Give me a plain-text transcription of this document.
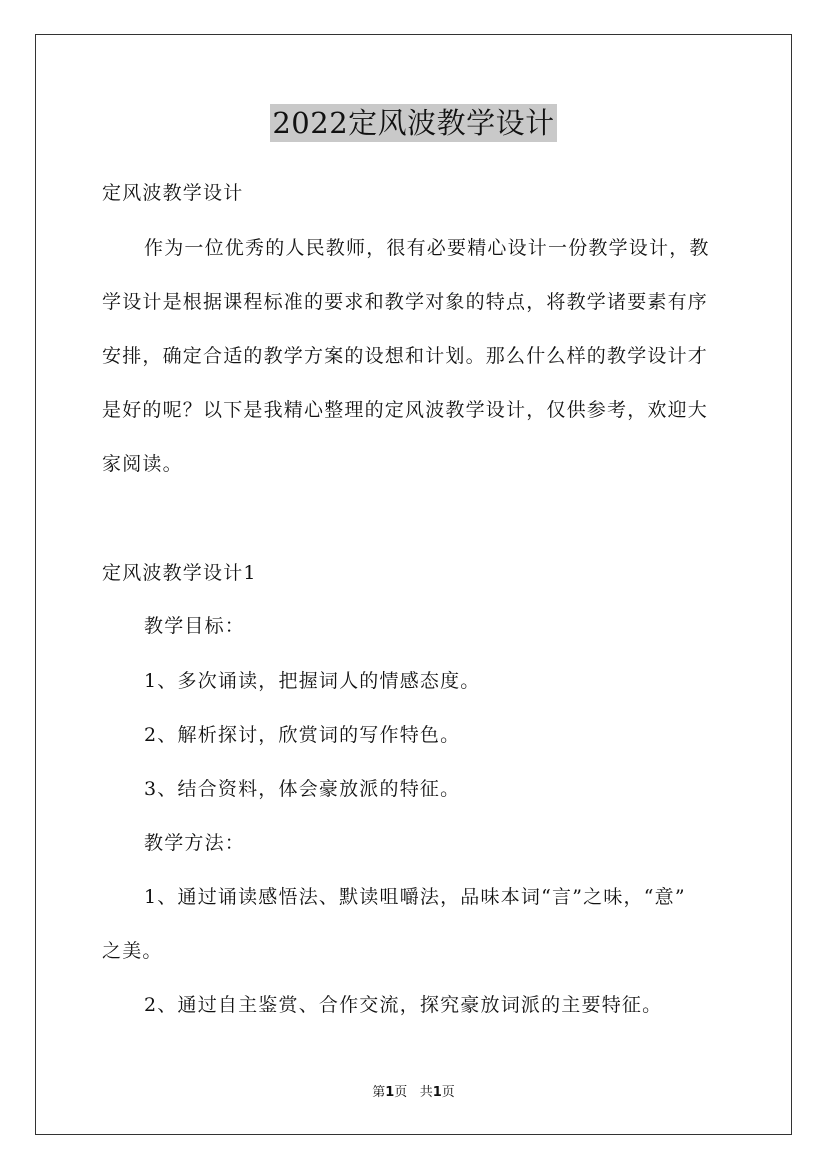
2022定风波教学设计
定风波教学设计
作为一位优秀的人民教师，很有必要精心设计一份教学设计，教
学设计是根据课程标准的要求和教学对象的特点，将教学诸要素有序
安排，确定合适的教学方案的设想和计划。那么什么样的教学设计才
是好的呢？以下是我精心整理的定风波教学设计，仅供参考，欢迎大
家阅读。
定风波教学设计1
教学目标：
1、多次诵读，把握词人的情感态度。
2、解析探讨，欣赏词的写作特色。
3、结合资料，体会豪放派的特征。
教学方法：
1、通过诵读感悟法、默读咀嚼法，品味本词“言”之味，“意”
之美。
2、通过自主鉴赏、合作交流，探究豪放词派的主要特征。
第1页   共1页
